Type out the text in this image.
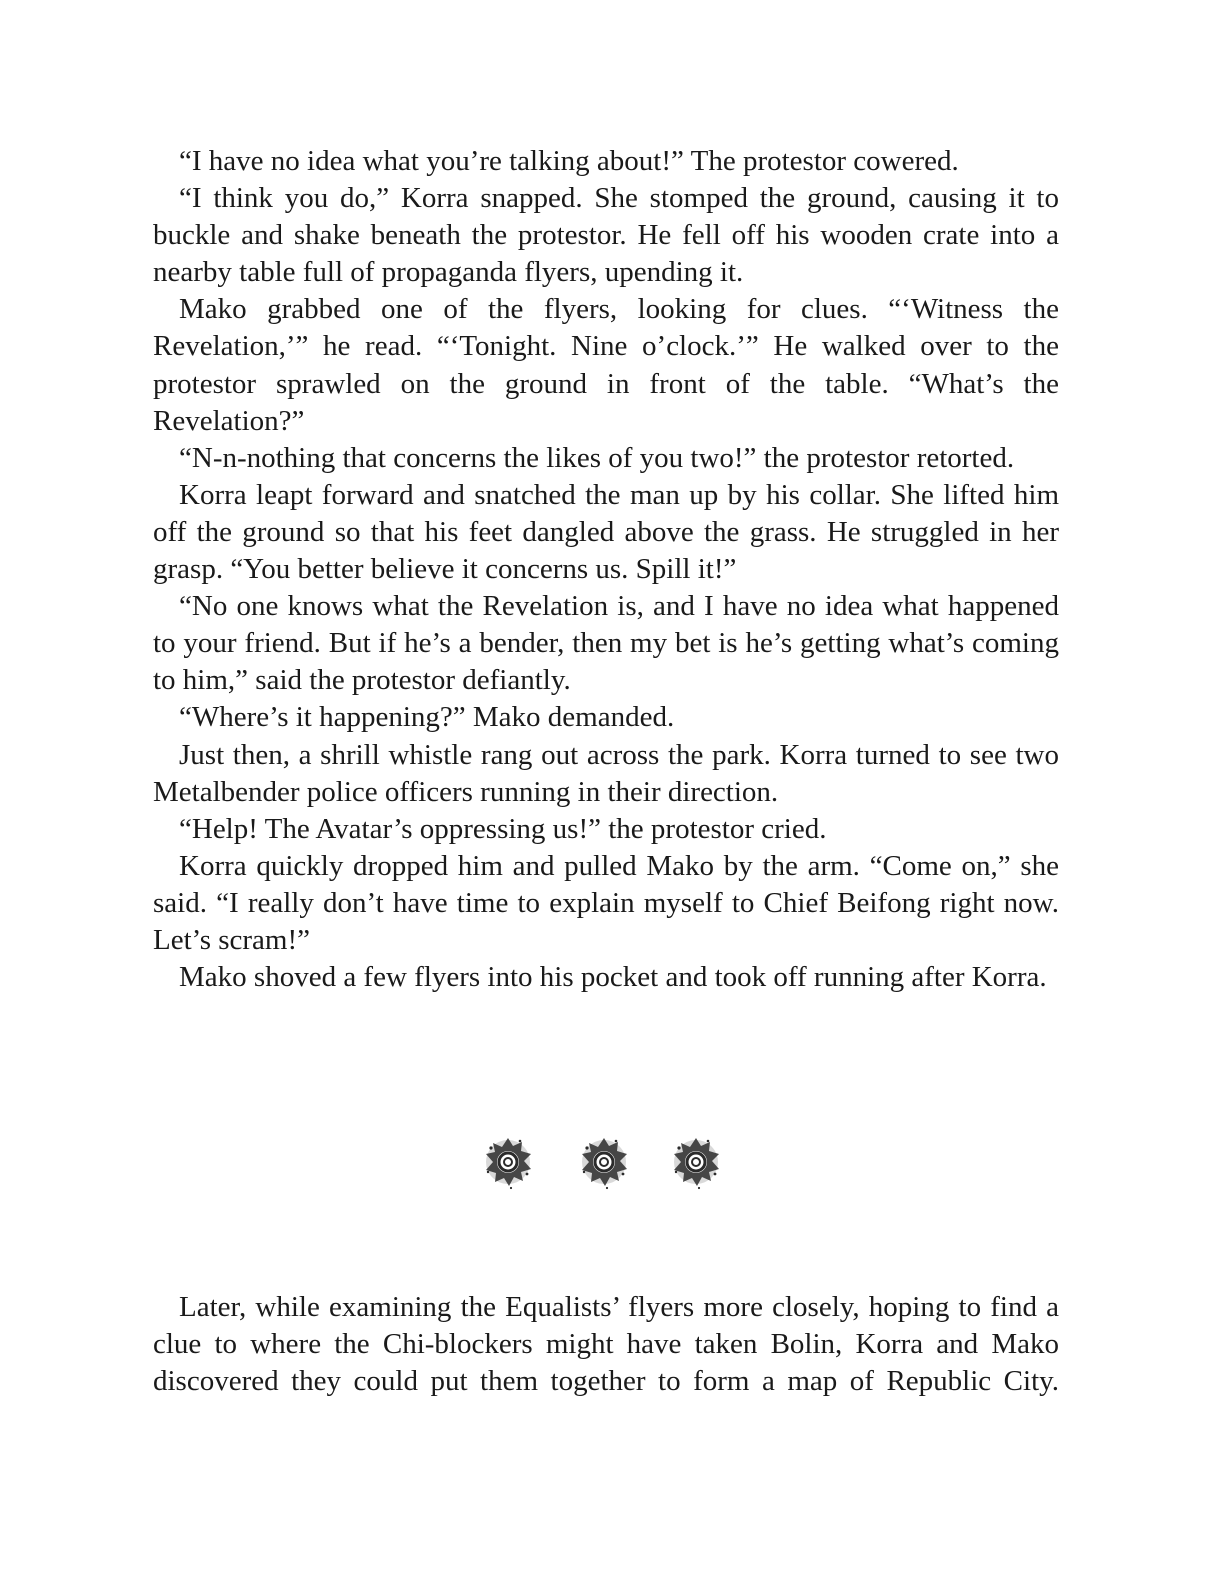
“I have no idea what you’re talking about!” The protestor cowered.

“I think you do,” Korra snapped. She stomped the ground, causing it to buckle and shake beneath the protestor. He fell off his wooden crate into a nearby table full of propaganda flyers, upending it.

Mako grabbed one of the flyers, looking for clues. “‘Witness the Revelation,’” he read. “‘Tonight. Nine o’clock.’” He walked over to the protestor sprawled on the ground in front of the table. “What’s the Revelation?”

“N-n-nothing that concerns the likes of you two!” the protestor retorted.

Korra leapt forward and snatched the man up by his collar. She lifted him off the ground so that his feet dangled above the grass. He struggled in her grasp. “You better believe it concerns us. Spill it!”

“No one knows what the Revelation is, and I have no idea what happened to your friend. But if he’s a bender, then my bet is he’s getting what’s coming to him,” said the protestor defiantly.

“Where’s it happening?” Mako demanded.

Just then, a shrill whistle rang out across the park. Korra turned to see two Metalbender police officers running in their direction.

“Help! The Avatar’s oppressing us!” the protestor cried.

Korra quickly dropped him and pulled Mako by the arm. “Come on,” she said. “I really don’t have time to explain myself to Chief Beifong right now. Let’s scram!”

Mako shoved a few flyers into his pocket and took off running after Korra.

Later, while examining the Equalists’ flyers more closely, hoping to find a clue to where the Chi-blockers might have taken Bolin, Korra and Mako discovered they could put them together to form a map of Republic City.
